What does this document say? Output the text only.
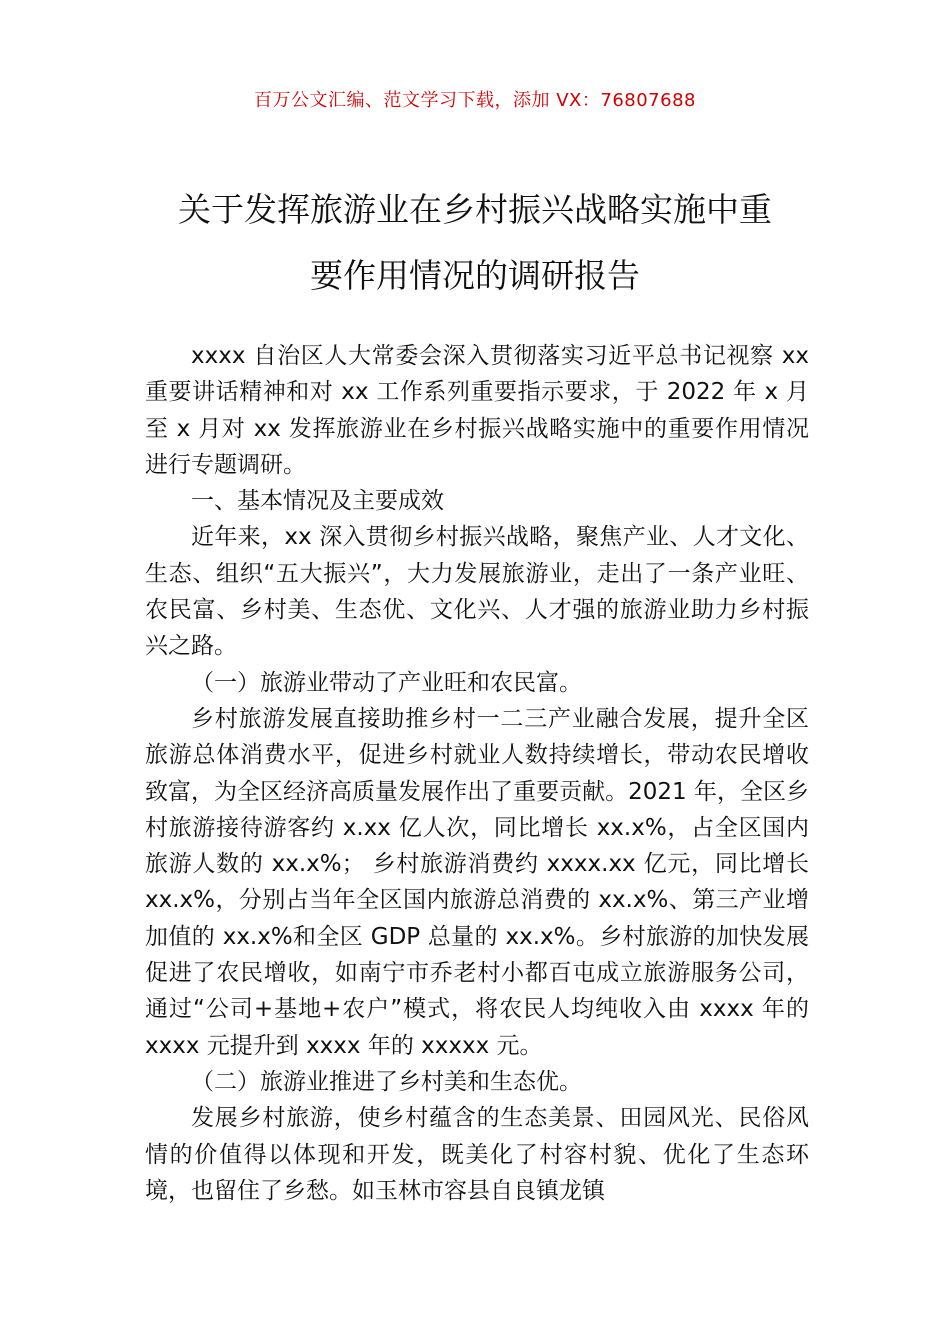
百万公文汇编、范文学习下载，添加 VX：76807688
关于发挥旅游业在乡村振兴战略实施中重
要作用情况的调研报告

xxxx 自治区人大常委会深入贯彻落实习近平总书记视察 xx 重要讲话精神和对 xx 工作系列重要指示要求，于 2022 年 x 月至 x 月对 xx 发挥旅游业在乡村振兴战略实施中的重要作用情况进行专题调研。

一、基本情况及主要成效

近年来，xx 深入贯彻乡村振兴战略，聚焦产业、人才文化、生态、组织“五大振兴”，大力发展旅游业，走出了一条产业旺、农民富、乡村美、生态优、文化兴、人才强的旅游业助力乡村振兴之路。

（一）旅游业带动了产业旺和农民富。

乡村旅游发展直接助推乡村一二三产业融合发展，提升全区旅游总体消费水平，促进乡村就业人数持续增长，带动农民增收致富，为全区经济高质量发展作出了重要贡献。2021 年，全区乡村旅游接待游客约 x.xx 亿人次，同比增长 xx.x%，占全区国内旅游人数的 xx.x%； 乡村旅游消费约 xxxx.xx 亿元，同比增长 xx.x%，分别占当年全区国内旅游总消费的 xx.x%、第三产业增加值的 xx.x%和全区 GDP 总量的 xx.x%。乡村旅游的加快发展促进了农民增收，如南宁市乔老村小都百屯成立旅游服务公司，通过“公司+基地+农户”模式，将农民人均纯收入由 xxxx 年的 xxxx 元提升到 xxxx 年的 xxxxx 元。

（二）旅游业推进了乡村美和生态优。

发展乡村旅游，使乡村蕴含的生态美景、田园风光、民俗风情的价值得以体现和开发，既美化了村容村貌、优化了生态环境，也留住了乡愁。如玉林市容县自良镇龙镇
